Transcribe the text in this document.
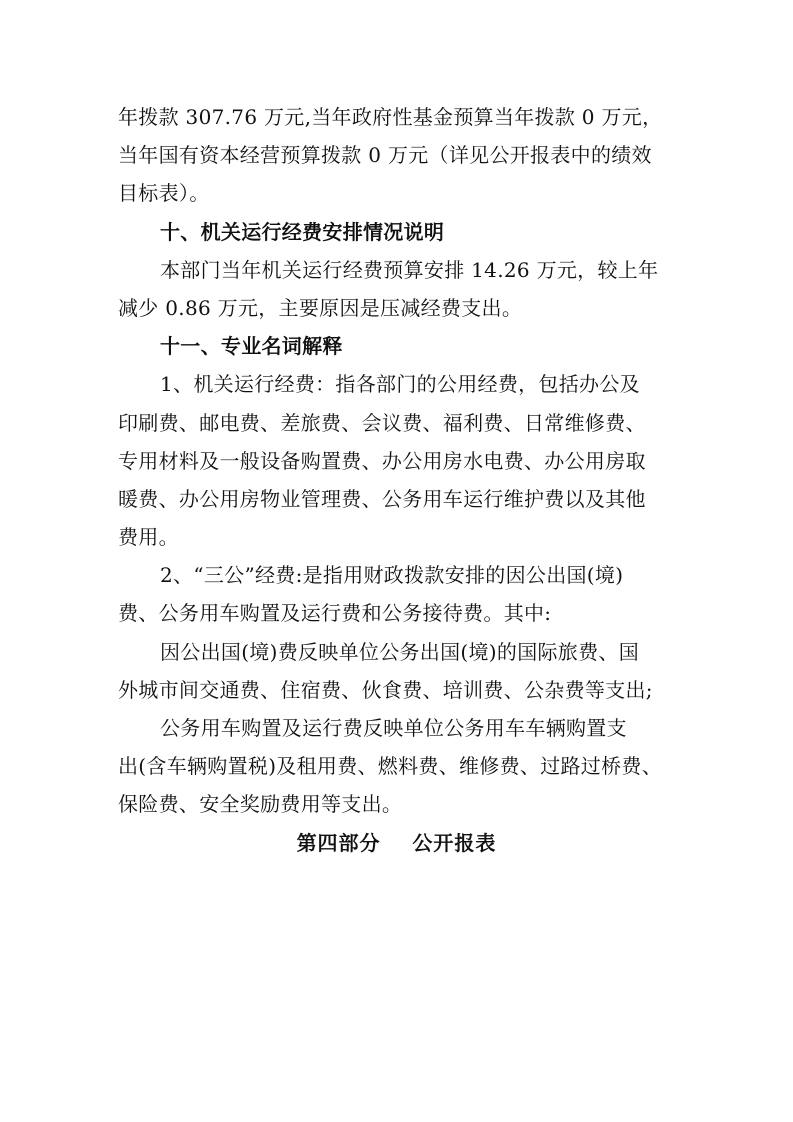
年拨款 307.76 万元,当年政府性基金预算当年拨款 0 万元，
当年国有资本经营预算拨款 0 万元（详见公开报表中的绩效
目标表）。
十、机关运行经费安排情况说明
本部门当年机关运行经费预算安排 14.26 万元，较上年
减少 0.86 万元，主要原因是压减经费支出。
十一、专业名词解释
1、机关运行经费：指各部门的公用经费，包括办公及
印刷费、邮电费、差旅费、会议费、福利费、日常维修费、
专用材料及一般设备购置费、办公用房水电费、办公用房取
暖费、办公用房物业管理费、公务用车运行维护费以及其他
费用。
2、“三公”经费:是指用财政拨款安排的因公出国(境)
费、公务用车购置及运行费和公务接待费。其中:
因公出国(境)费反映单位公务出国(境)的国际旅费、国
外城市间交通费、住宿费、伙食费、培训费、公杂费等支出;
公务用车购置及运行费反映单位公务用车车辆购置支
出(含车辆购置税)及租用费、燃料费、维修费、过路过桥费、
保险费、安全奖励费用等支出。
第四部分    公开报表
